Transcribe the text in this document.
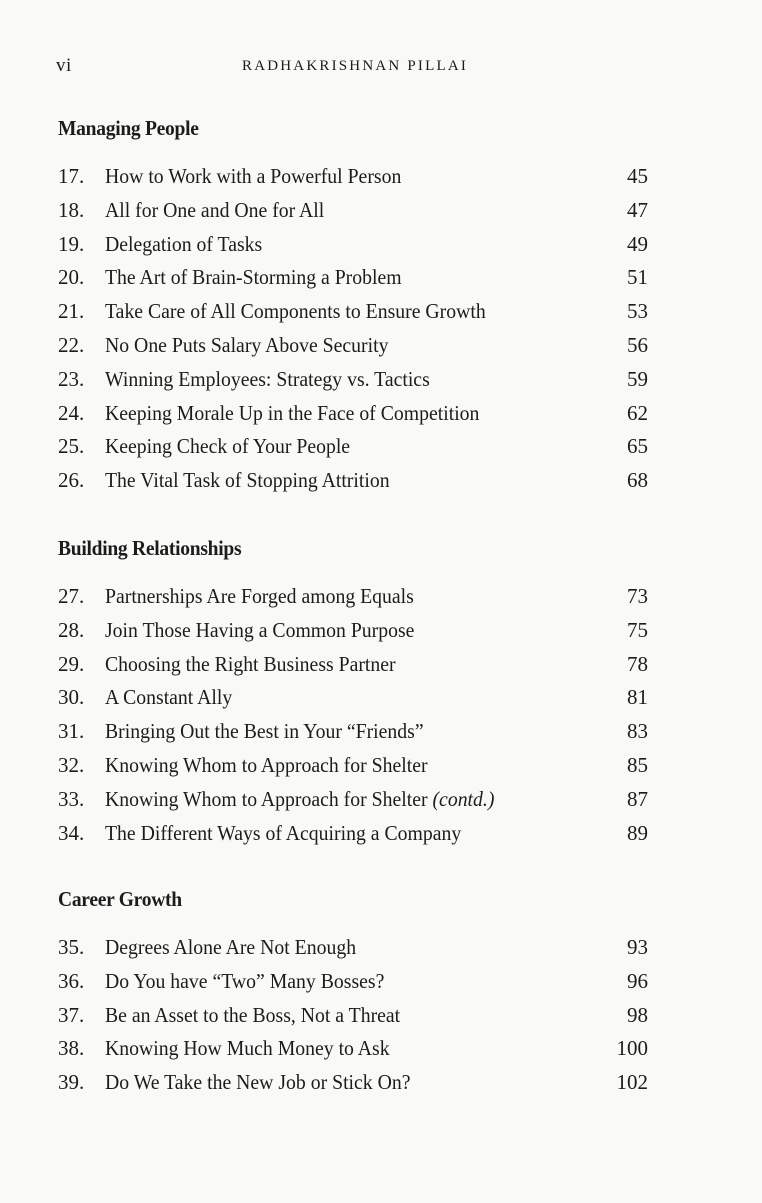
vi	RADHAKRISHNAN PILLAI
Managing People
17. How to Work with a Powerful Person	45
18. All for One and One for All	47
19. Delegation of Tasks	49
20. The Art of Brain-Storming a Problem	51
21. Take Care of All Components to Ensure Growth	53
22. No One Puts Salary Above Security	56
23. Winning Employees: Strategy vs. Tactics	59
24. Keeping Morale Up in the Face of Competition	62
25. Keeping Check of Your People	65
26. The Vital Task of Stopping Attrition	68
Building Relationships
27. Partnerships Are Forged among Equals	73
28. Join Those Having a Common Purpose	75
29. Choosing the Right Business Partner	78
30. A Constant Ally	81
31. Bringing Out the Best in Your “Friends”	83
32. Knowing Whom to Approach for Shelter	85
33. Knowing Whom to Approach for Shelter (contd.)	87
34. The Different Ways of Acquiring a Company	89
Career Growth
35. Degrees Alone Are Not Enough	93
36. Do You have “Two” Many Bosses?	96
37. Be an Asset to the Boss, Not a Threat	98
38. Knowing How Much Money to Ask	100
39. Do We Take the New Job or Stick On?	102
